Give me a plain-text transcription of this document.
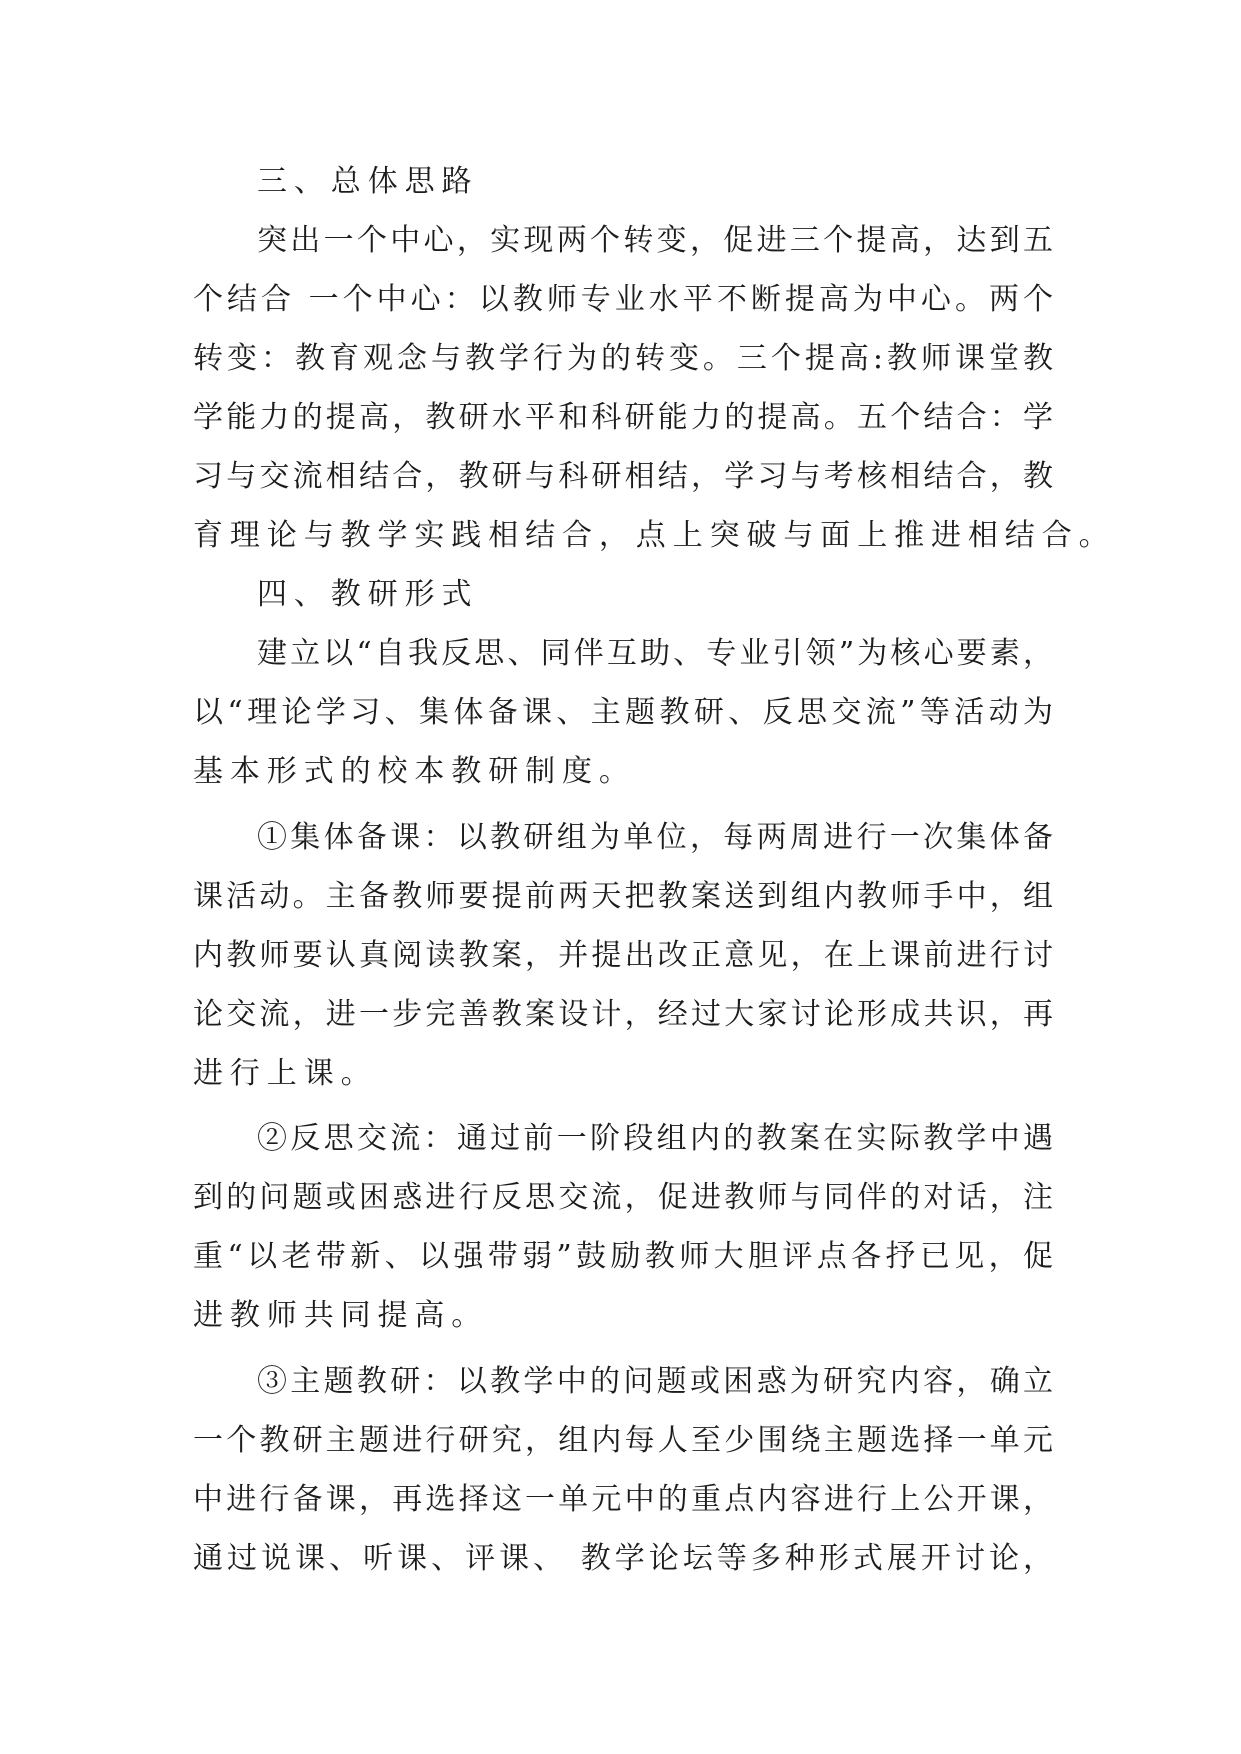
三、总体思路
突出一个中心，实现两个转变，促进三个提高，达到五
个结合 一个中心：以教师专业水平不断提高为中心。两个
转变：教育观念与教学行为的转变。三个提高:教师课堂教
学能力的提高，教研水平和科研能力的提高。五个结合：学
习与交流相结合，教研与科研相结，学习与考核相结合，教
育理论与教学实践相结合，点上突破与面上推进相结合。
四、教研形式
建立以“自我反思、同伴互助、专业引领”为核心要素，
以“理论学习、集体备课、主题教研、反思交流”等活动为
基本形式的校本教研制度。
①集体备课：以教研组为单位，每两周进行一次集体备
课活动。主备教师要提前两天把教案送到组内教师手中，组
内教师要认真阅读教案，并提出改正意见，在上课前进行讨
论交流，进一步完善教案设计，经过大家讨论形成共识，再
进行上课。
②反思交流：通过前一阶段组内的教案在实际教学中遇
到的问题或困惑进行反思交流，促进教师与同伴的对话，注
重“以老带新、以强带弱”鼓励教师大胆评点各抒已见，促
进教师共同提高。
③主题教研：以教学中的问题或困惑为研究内容，确立
一个教研主题进行研究，组内每人至少围绕主题选择一单元
中进行备课，再选择这一单元中的重点内容进行上公开课，
通过说课、听课、评课、 教学论坛等多种形式展开讨论，
